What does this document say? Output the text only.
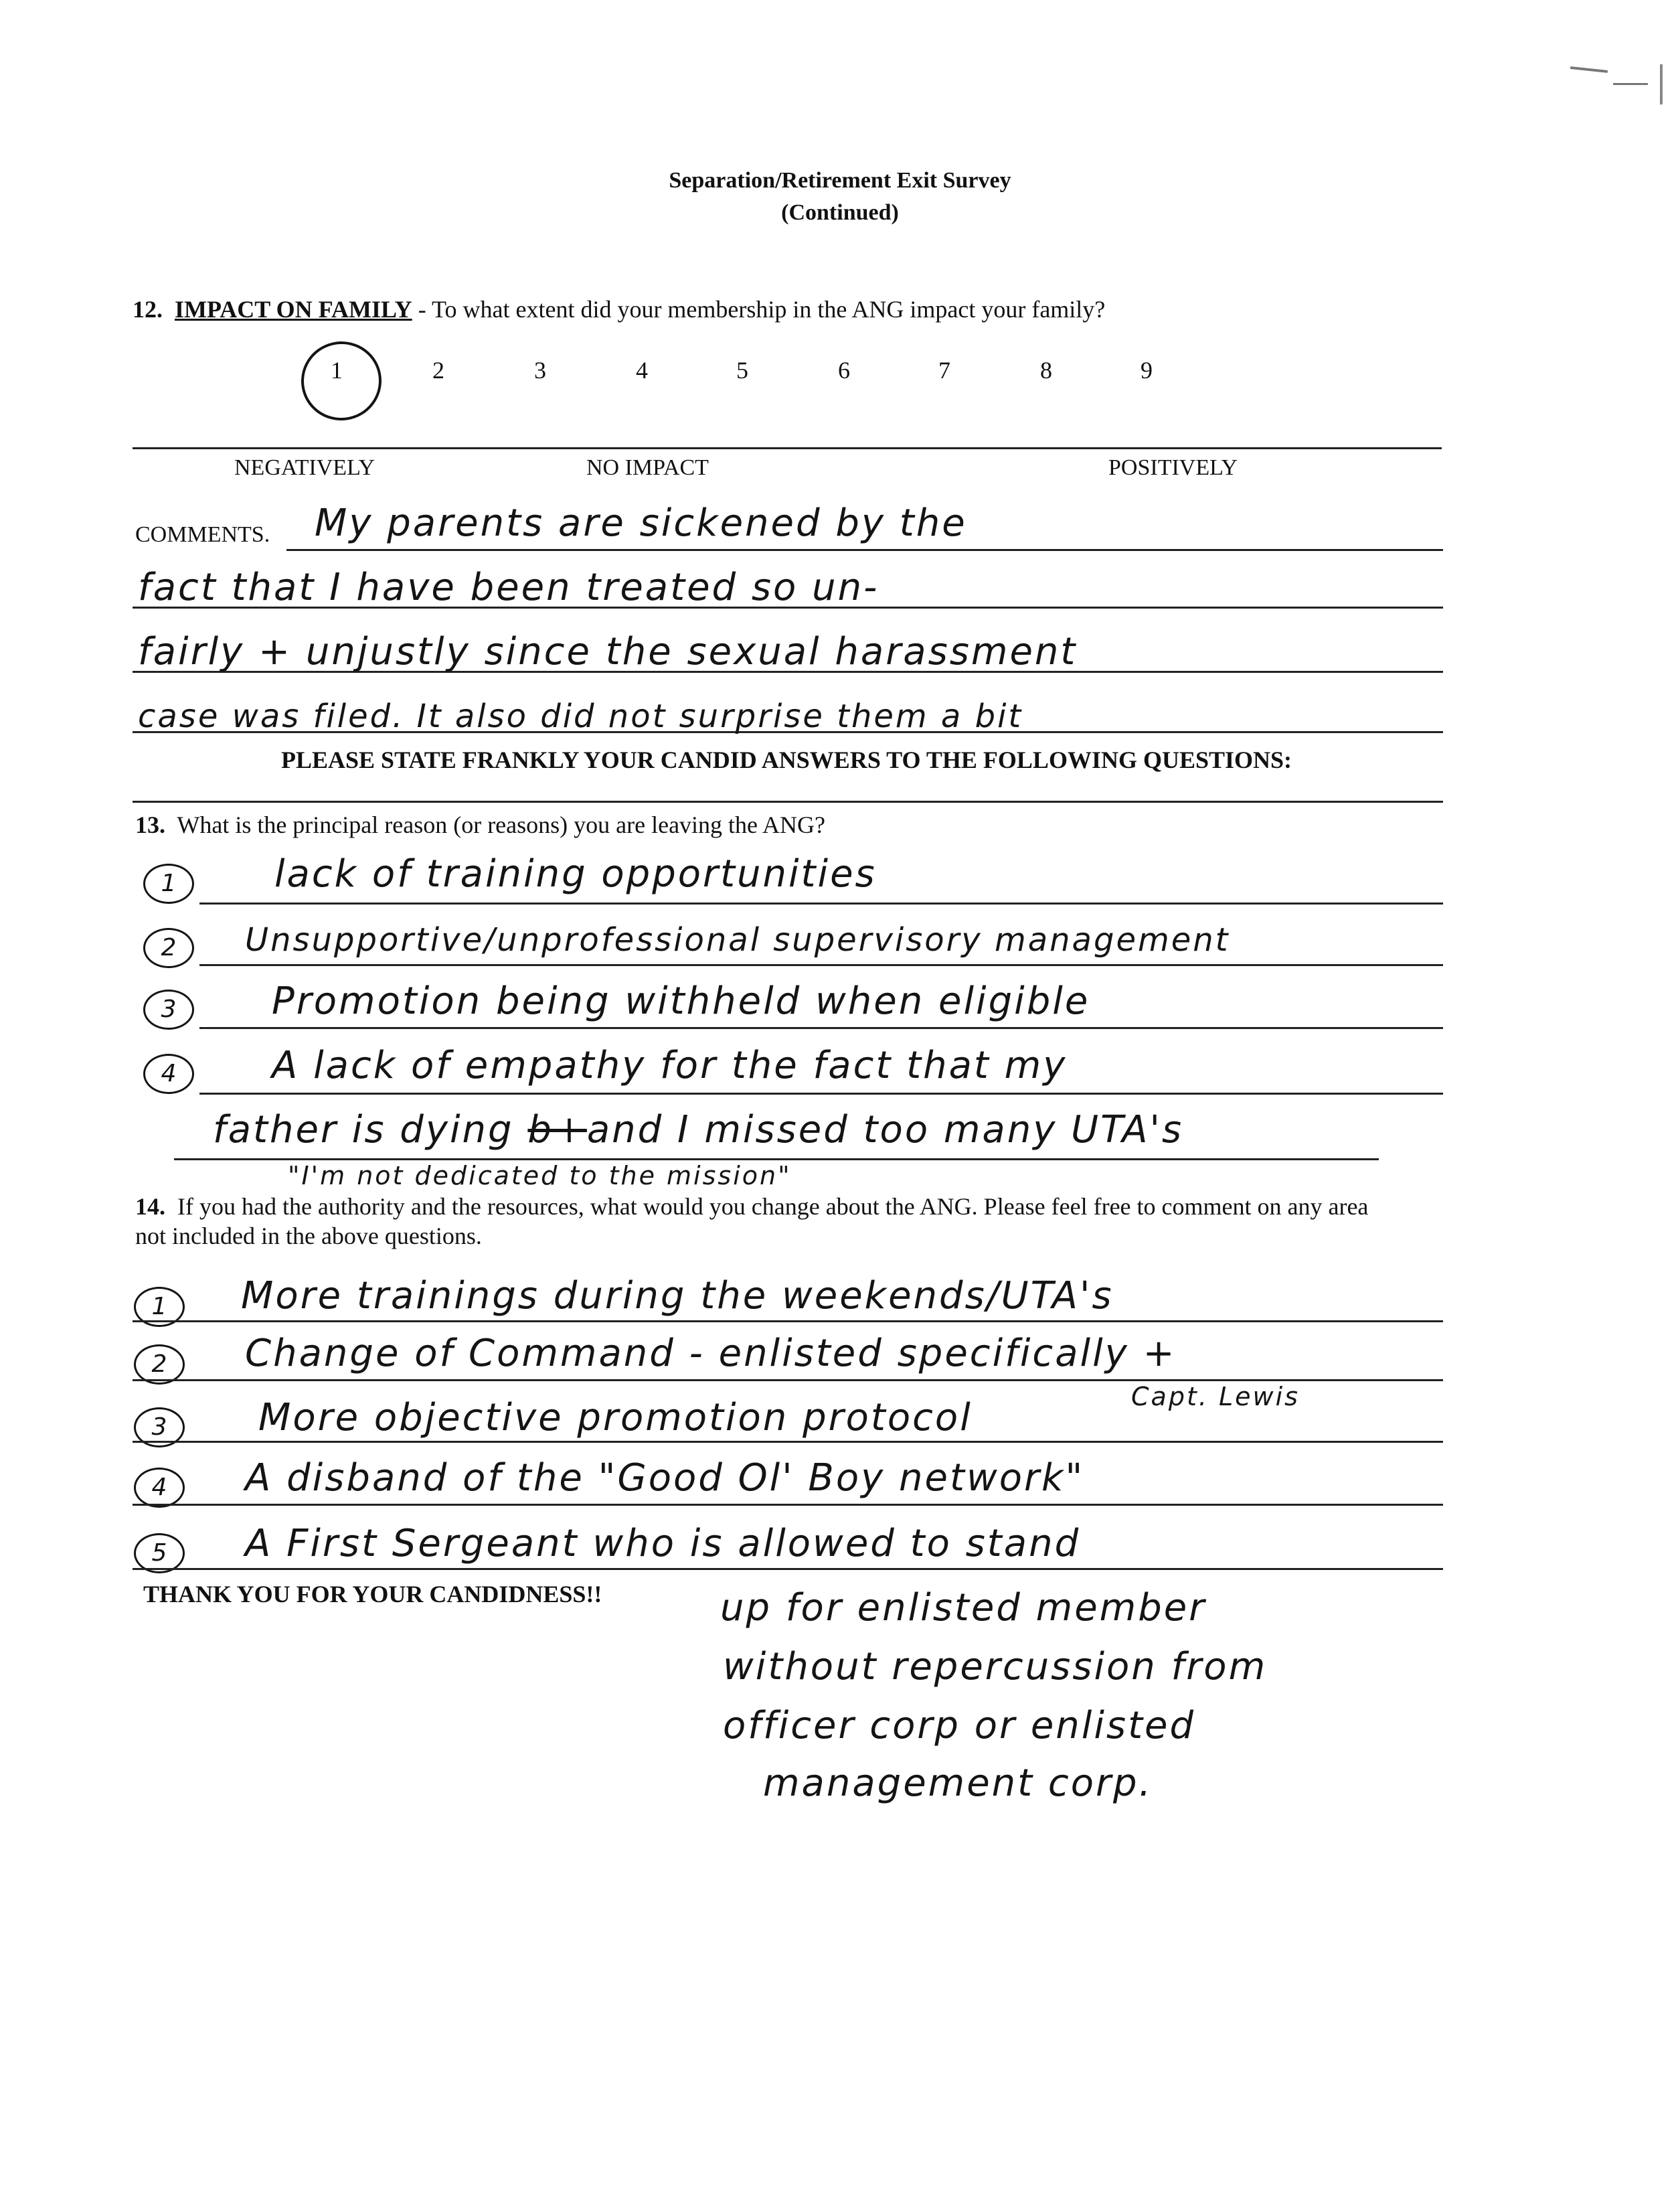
Separation/Retirement Exit Survey
(Continued)
12. IMPACT ON FAMILY - To what extent did your membership in the ANG impact your family?
1	2	3	4	5	6	7	8	9
NEGATIVELY	NO IMPACT	POSITIVELY
COMMENTS. My parents are sickened by the
fact that I have been treated so un-
fairly + unjustly since the sexual harassment
case was filed. It also did not surprise them a bit
PLEASE STATE FRANKLY YOUR CANDID ANSWERS TO THE FOLLOWING QUESTIONS:
13. What is the principal reason (or reasons) you are leaving the ANG?
1	lack of training opportunities
2	Unsupportive/unprofessional supervisory management
3	Promotion being withheld when eligible
4	A lack of empathy for the fact that my
father is dying b+and I missed too many UTA's
"I'm not dedicated to the mission"
14. If you had the authority and the resources, what would you change about the ANG. Please feel free to comment on any area
not included in the above questions.
1	More trainings during the weekends/UTA's
2	Change of Command - enlisted specifically +
Capt. Lewis
3	More objective promotion protocol
4	A disband of the "Good Ol' Boy network"
5	A First Sergeant who is allowed to stand
THANK YOU FOR YOUR CANDIDNESS!!	up for enlisted member
without repercussion from
officer corp or enlisted
management corp.
